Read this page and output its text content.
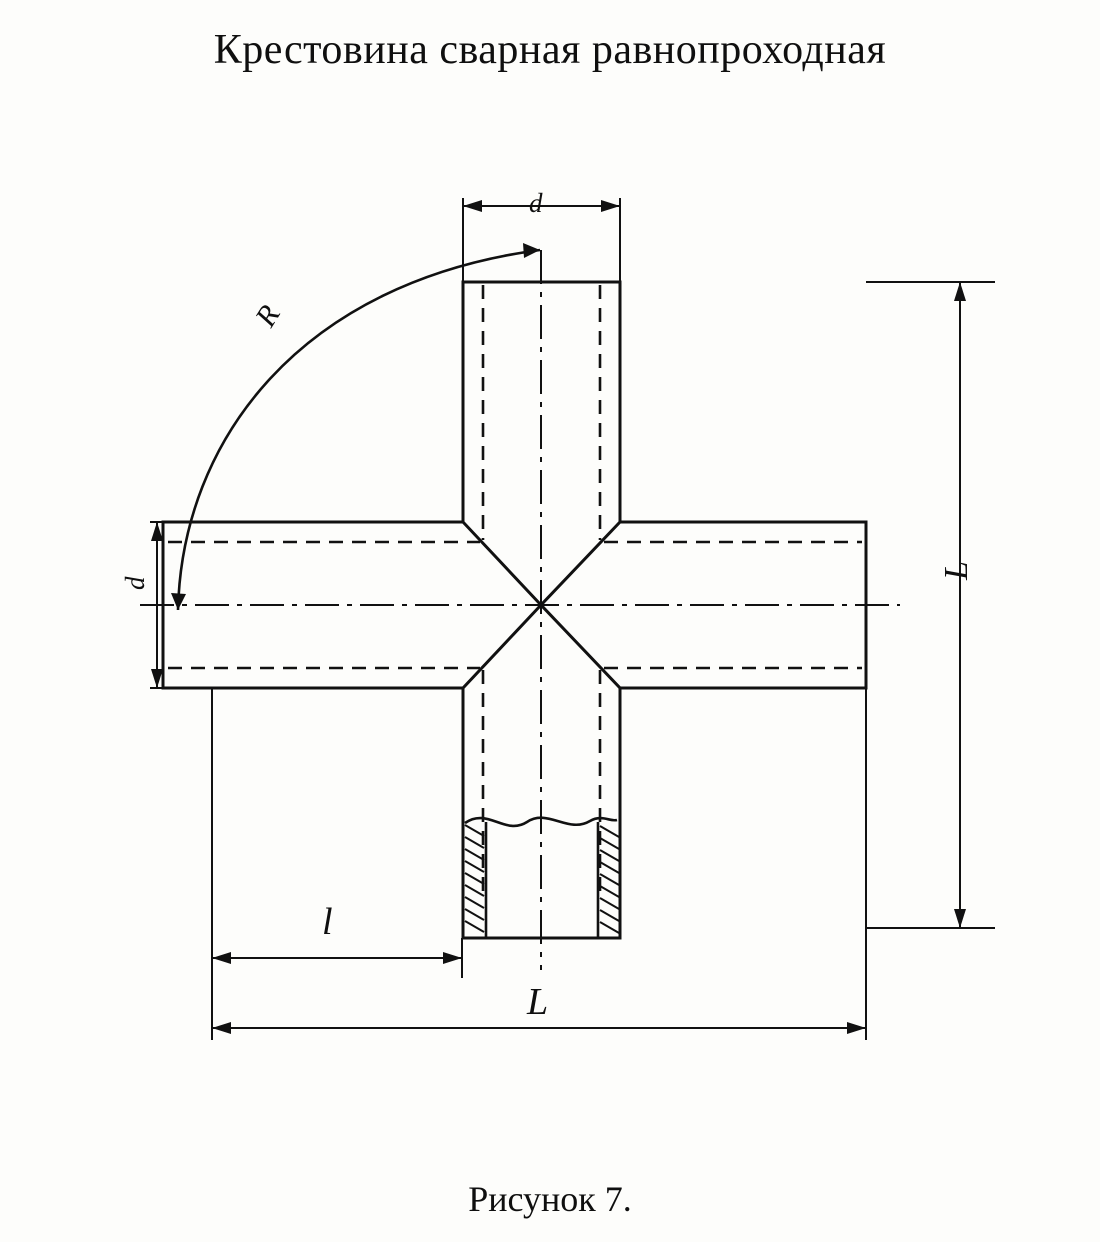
Крестовина сварная равнопроходная
d
d
L
l
L
R
Рисунок 7.
